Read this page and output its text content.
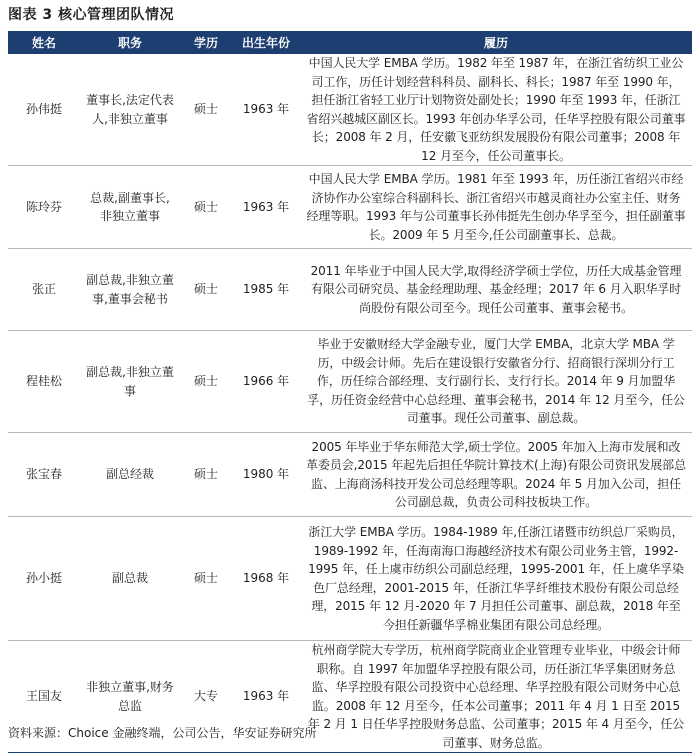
图表 3 核心管理团队情况
姓名	职务	学历	出生年份	履历
孙伟挺	董事长,法定代表人,非独立董事	硕士	1963 年	中国人民大学 EMBA 学历。1982 年至 1987 年，在浙江省纺织工业公司工作，历任计划经营科科员、副科长、科长；1987 年至 1990 年，担任浙江省轻工业厅计划物资处副处长；1990 年至 1993 年，任浙江省绍兴越城区副区长。1993 年创办华孚公司，任华孚控股有限公司董事长；2008 年 2 月，任安徽飞亚纺织发展股份有限公司董事；2008 年 12 月至今，任公司董事长。
陈玲芬	总裁,副董事长,非独立董事	硕士	1963 年	中国人民大学 EMBA 学历。1981 年至 1993 年，历任浙江省绍兴市经济协作办公室综合科副科长、浙江省绍兴市越灵商社办公室主任、财务经理等职。1993 年与公司董事长孙伟挺先生创办华孚至今，担任副董事长。2009 年 5 月至今,任公司副董事长、总裁。
张正	副总裁,非独立董事,董事会秘书	硕士	1985 年	2011 年毕业于中国人民大学,取得经济学硕士学位，历任大成基金管理有限公司研究员、基金经理助理、基金经理；2017 年 6 月入职华孚时尚股份有限公司至今。现任公司董事、董事会秘书。
程桂松	副总裁,非独立董事	硕士	1966 年	毕业于安徽财经大学金融专业，厦门大学 EMBA，北京大学 MBA 学历，中级会计师。先后在建设银行安徽省分行、招商银行深圳分行工作，历任综合部经理、支行副行长、支行行长。2014 年 9 月加盟华孚，历任资金经营中心总经理、董事会秘书，2014 年 12 月至今，任公司董事。现任公司董事、副总裁。
张宝春	副总经裁	硕士	1980 年	2005 年毕业于华东师范大学,硕士学位。2005 年加入上海市发展和改革委员会,2015 年起先后担任华院计算技术(上海)有限公司资讯发展部总监、上海商汤科技开发公司总经理等职。2024 年 5 月加入公司，担任公司副总裁，负责公司科技板块工作。
孙小挺	副总裁	硕士	1968 年	浙江大学 EMBA 学历。1984-1989 年,任浙江诸暨市纺织总厂采购员，1989-1992 年，任海南海口海越经济技术有限公司业务主管，1992-1995 年，任上虞市纺织公司副总经理，1995-2001 年，任上虞华孚染色厂总经理，2001-2015 年，任浙江华孚纤维技术股份有限公司总经理，2015 年 12 月-2020 年 7 月担任公司董事、副总裁，2018 年至今担任新疆华孚棉业集团有限公司总经理。
王国友	非独立董事,财务总监	大专	1963 年	杭州商学院大专学历，杭州商学院商业企业管理专业毕业，中级会计师职称。自 1997 年加盟华孚控股有限公司，历任浙江华孚集团财务总监、华孚控股有限公司投资中心总经理、华孚控股有限公司财务中心总监。2008 年 12 月至今，任本公司董事；2011 年 4 月 1 日至 2015 年 2 月 1 日任华孚控股财务总监、公司董事；2015 年 4 月至今，任公司董事、财务总监。
资料来源：Choice 金融终端，公司公告，华安证券研究所
